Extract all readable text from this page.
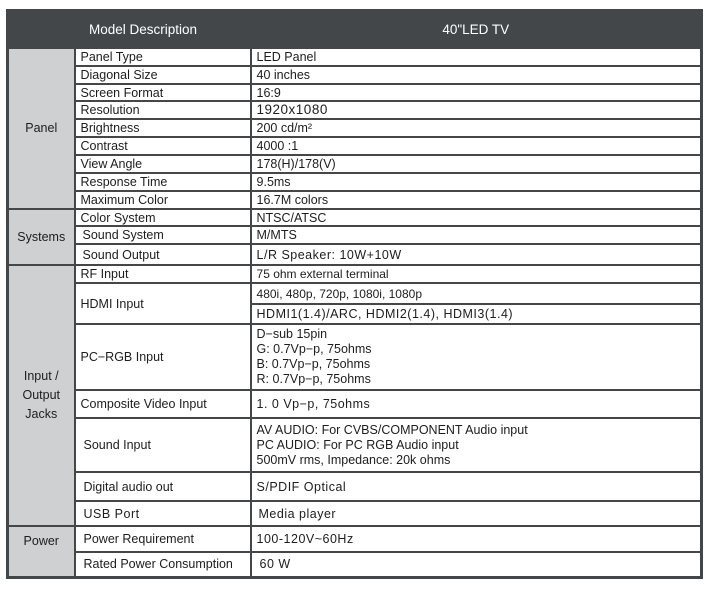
Model Description		40"LED TV
Panel	Panel Type	LED Panel
	Diagonal Size	40 inches
	Screen Format	16:9
	Resolution	1920x1080
	Brightness	200 cd/m²
	Contrast	4000 :1
	View Angle	178(H)/178(V)
	Response Time	9.5ms
	Maximum Color	16.7M colors
Systems	Color System	NTSC/ATSC
	Sound System	M/MTS
	Sound Output	L/R Speaker: 10W+10W

Input /
Output
Jacks	RF Input	75 ohm external terminal
	HDMI Input	480i, 480p, 720p, 1080i, 1080p
		HDMI1(1.4)/ARC, HDMI2(1.4), HDMI3(1.4)
	PC−RGB Input	D−sub 15pin
G: 0.7Vp−p, 75ohms
B: 0.7Vp−p, 75ohms
R: 0.7Vp−p, 75ohms

	Composite Video Input	1. 0 Vp−p, 75ohms
	Sound Input	AV AUDIO: For CVBS/COMPONENT Audio input
PC AUDIO: For PC RGB Audio input
500mV rms, Impedance: 20k ohms

	Digital audio out	S/PDIF Optical
	USB Port	Media player

Power	Power Requirement	100-120V~60Hz
	Rated Power Consumption	60 W
